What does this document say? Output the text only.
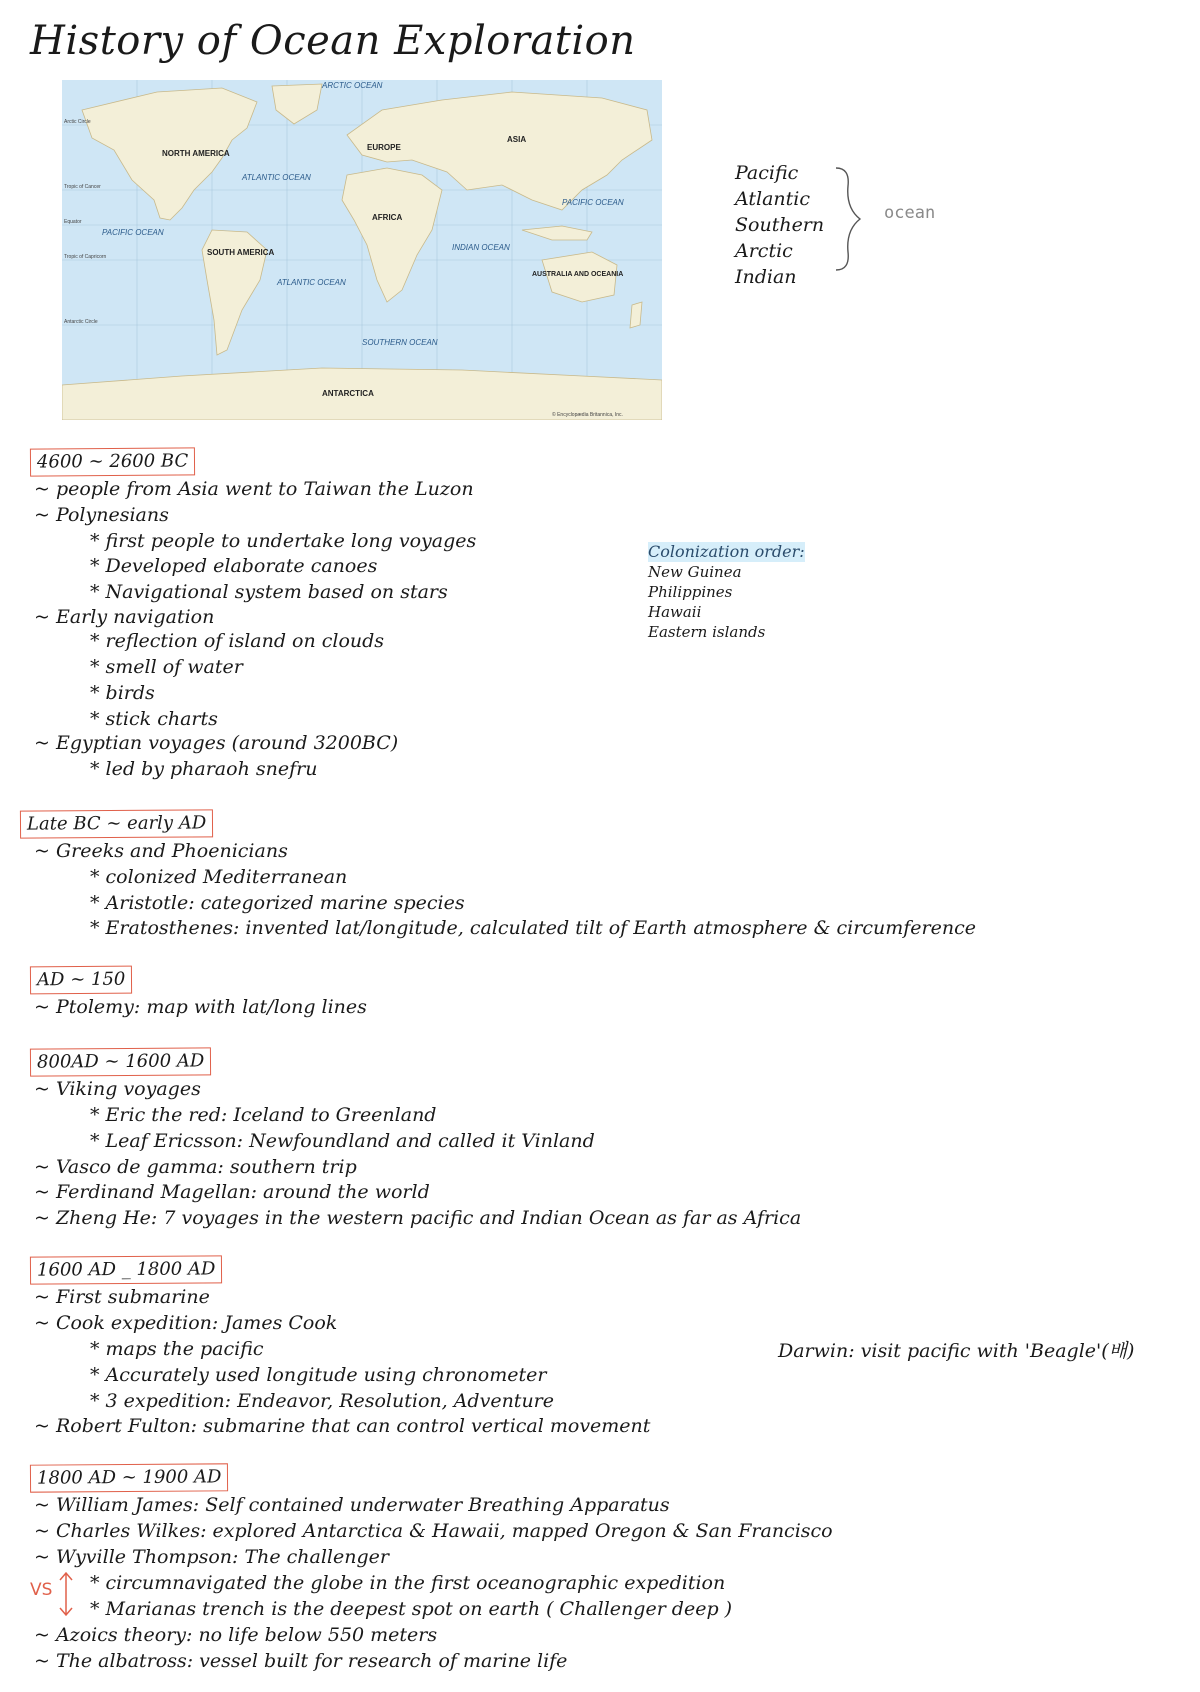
History of Ocean Exploration
NORTH AMERICA
EUROPE
ASIA
AFRICA
SOUTH AMERICA
AUSTRALIA AND OCEANIA
ANTARCTICA
ARCTIC OCEAN
ATLANTIC OCEAN
ATLANTIC OCEAN
PACIFIC OCEAN
PACIFIC OCEAN
INDIAN OCEAN
SOUTHERN OCEAN
Arctic Circle
Tropic of Cancer
Equator
Tropic of Capricorn
Antarctic Circle
© Encyclopædia Britannica, Inc.
Pacific
Atlantic
Southern
Arctic
Indian
ocean
Colonization order:
New Guinea
Philippines
Hawaii
Eastern islands
4600 ~ 2600 BC
~ people from Asia went to Taiwan the Luzon
~ Polynesians
* first people to undertake long voyages
* Developed elaborate canoes
* Navigational system based on stars
~ Early navigation
* reflection of island on clouds
* smell of water
* birds
* stick charts
~ Egyptian voyages (around 3200BC)
* led by pharaoh snefru
Late BC ~ early AD
~ Greeks and Phoenicians
* colonized Mediterranean
* Aristotle: categorized marine species
* Eratosthenes: invented lat/longitude, calculated tilt of Earth atmosphere & circumference
AD ~ 150
~ Ptolemy: map with lat/long lines
800AD ~ 1600 AD
~ Viking voyages
* Eric the red: Iceland to Greenland
* Leaf Ericsson: Newfoundland and called it Vinland
~ Vasco de gamma: southern trip
~ Ferdinand Magellan: around the world
~ Zheng He: 7 voyages in the western pacific and Indian Ocean as far as Africa
1600 AD _ 1800 AD
~ First submarine
~ Cook expedition: James Cook
* maps the pacific
* Accurately used longitude using chronometer
* 3 expedition: Endeavor, Resolution, Adventure
~ Robert Fulton: submarine that can control vertical movement
Darwin: visit pacific with 'Beagle'(배)
1800 AD ~ 1900 AD
~ William James: Self contained underwater Breathing Apparatus
~ Charles Wilkes: explored Antarctica & Hawaii, mapped Oregon & San Francisco
~ Wyville Thompson: The challenger
* circumnavigated the globe in the first oceanographic expedition
* Marianas trench is the deepest spot on earth ( Challenger deep )
~ Azoics theory: no life below 550 meters
~ The albatross: vessel built for research of marine life
VS
